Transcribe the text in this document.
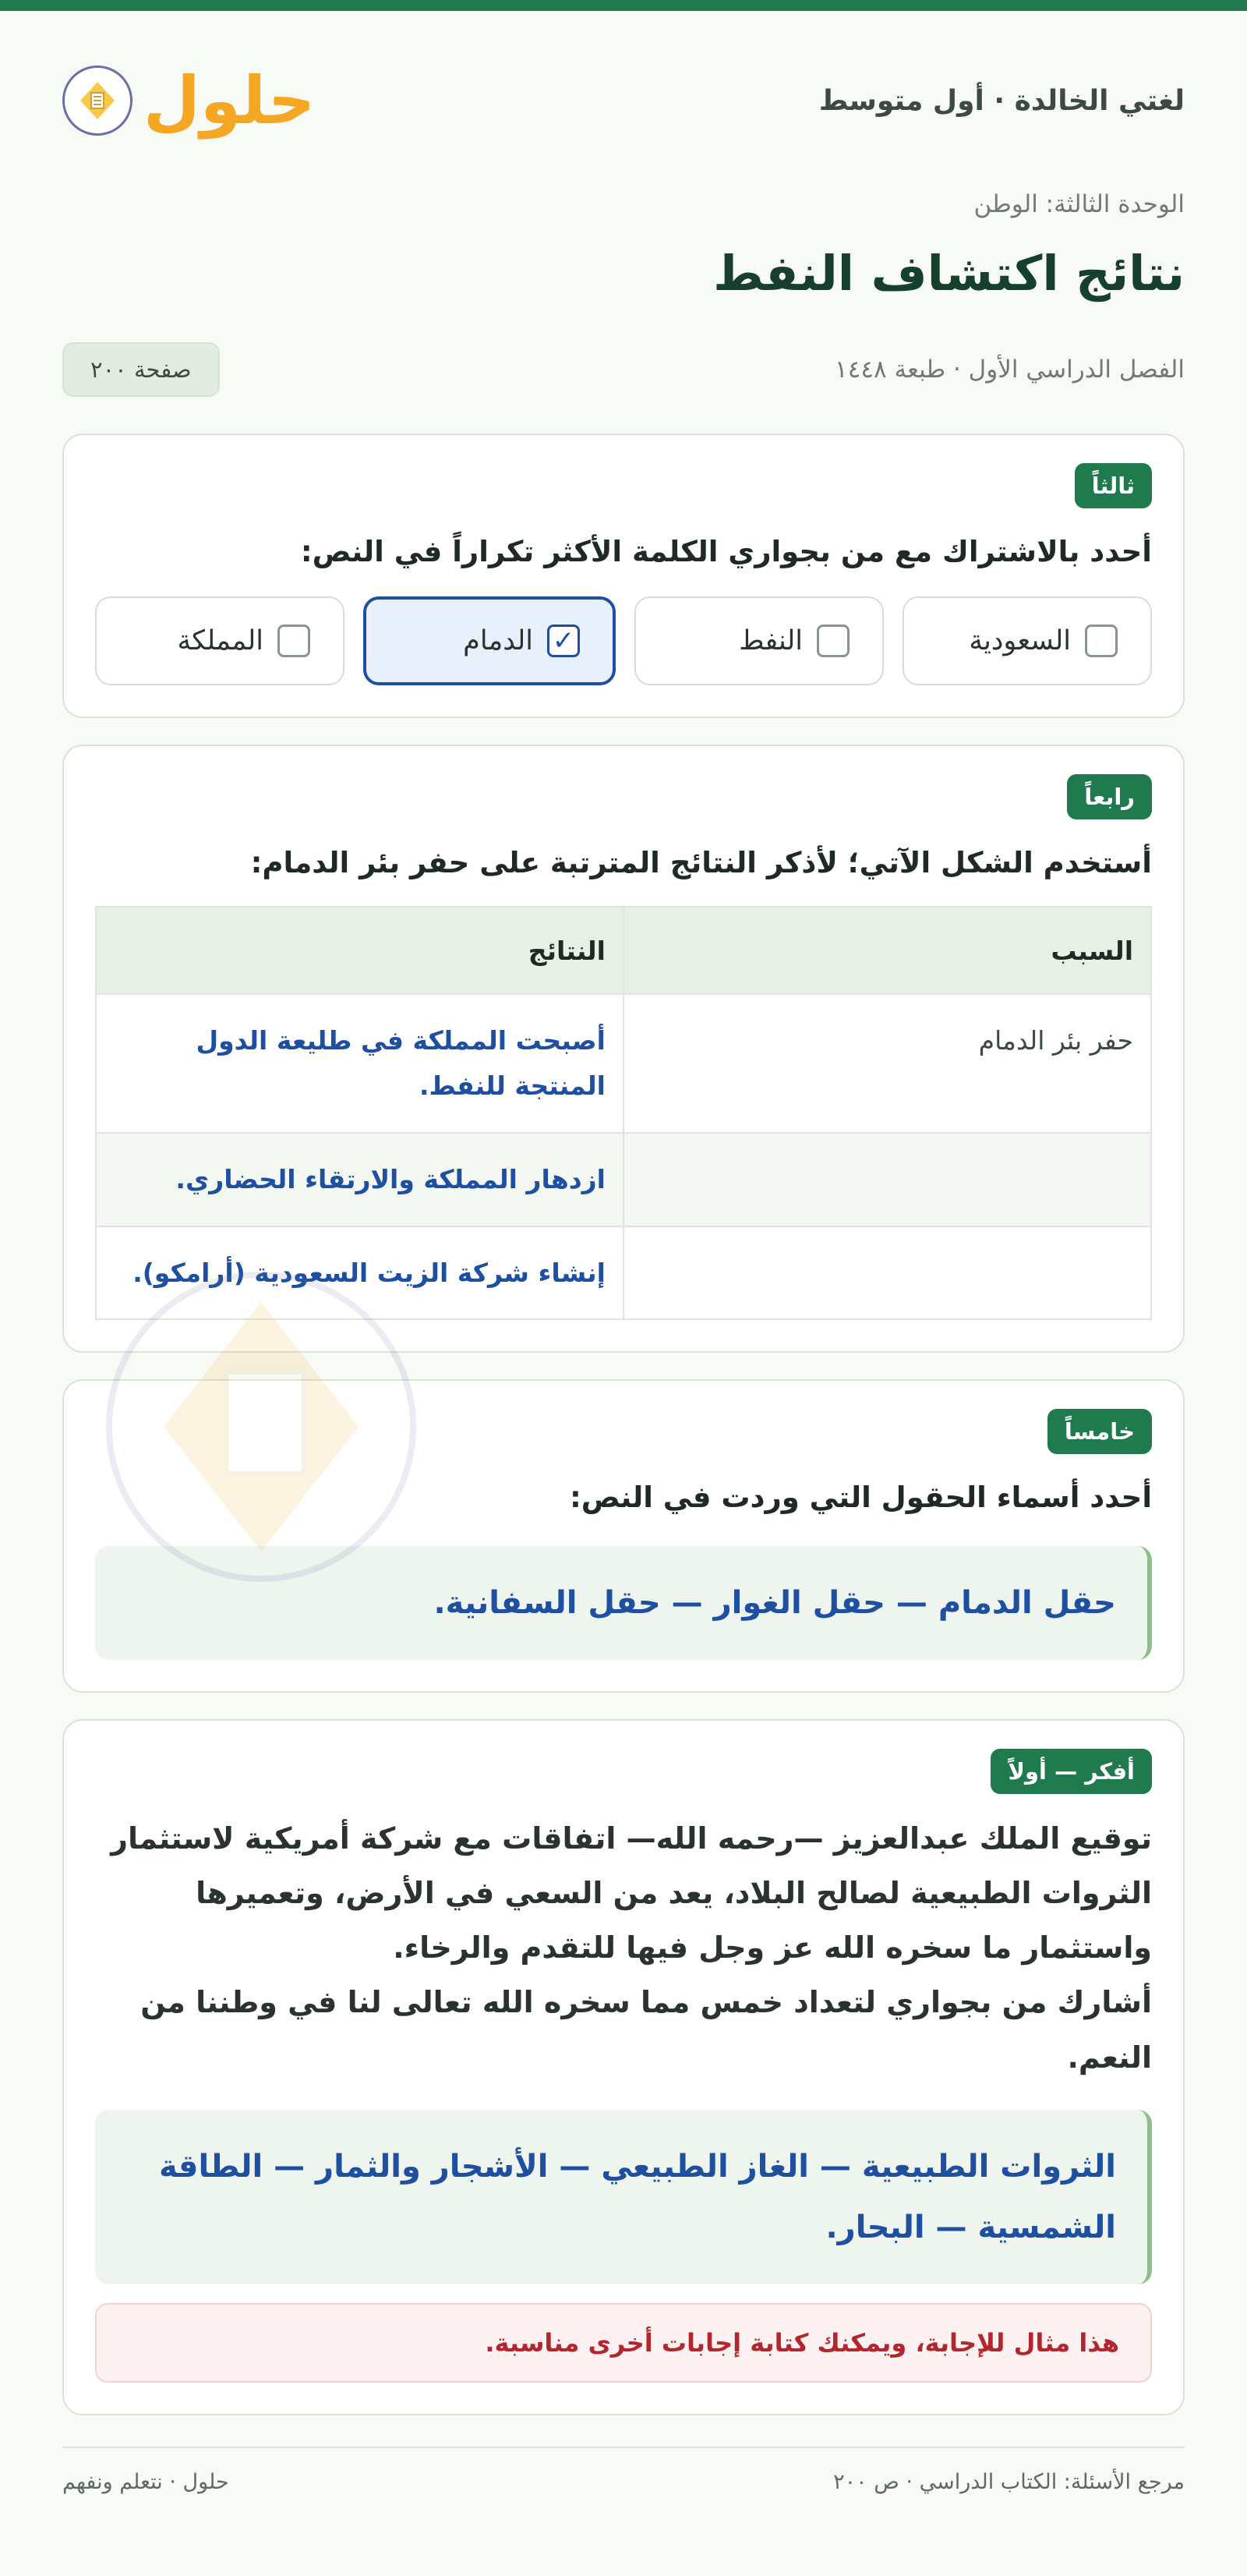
لغتي الخالدة · أول متوسط
حلول
الوحدة الثالثة: الوطن
نتائج اكتشاف النفط
الفصل الدراسي الأول · طبعة ١٤٤٨
صفحة ٢٠٠
ثالثاً
أحدد بالاشتراك مع من بجواري الكلمة الأكثر تكراراً في النص:
السعودية
النفط
✓
الدمام
المملكة
رابعاً
أستخدم الشكل الآتي؛ لأذكر النتائج المترتبة على حفر بئر الدمام:
السبب	النتائج
حفر بئر الدمام	أصبحت المملكة في طليعة الدول المنتجة للنفط.
	ازدهار المملكة والارتقاء الحضاري.
	إنشاء شركة الزيت السعودية (أرامكو).
خامساً
أحدد أسماء الحقول التي وردت في النص:
حقل الدمام — حقل الغوار — حقل السفانية.
أفكر — أولاً
توقيع الملك عبدالعزيز —رحمه الله— اتفاقات مع شركة أمريكية لاستثمار الثروات الطبيعية لصالح البلاد، يعد من السعي في الأرض، وتعميرها واستثمار ما سخره الله عز وجل فيها للتقدم والرخاء.
أشارك من بجواري لتعداد خمس مما سخره الله تعالى لنا في وطننا من النعم.
الثروات الطبيعية — الغاز الطبيعي — الأشجار والثمار — الطاقة الشمسية — البحار.
هذا مثال للإجابة، ويمكنك كتابة إجابات أخرى مناسبة.
مرجع الأسئلة: الكتاب الدراسي · ص ٢٠٠
حلول · نتعلم ونفهم
